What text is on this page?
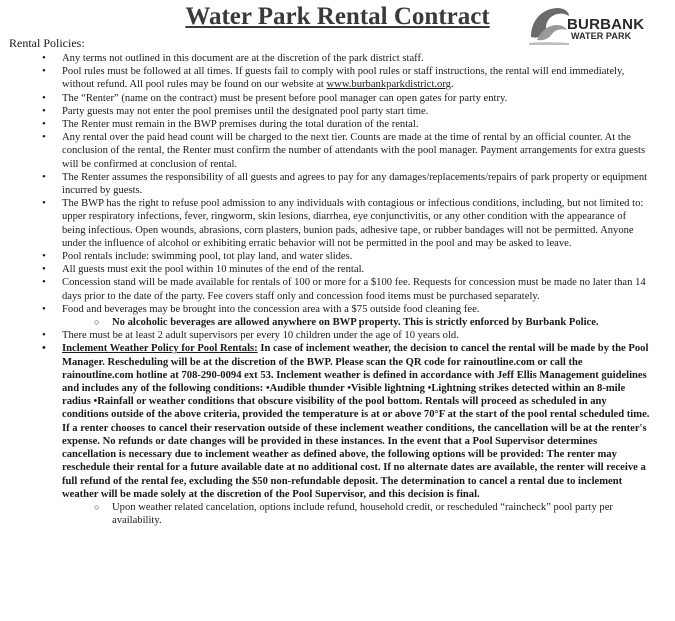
Water Park Rental Contract	BURBANK
WATER PARK

Rental Policies:

• Any terms not outlined in this document are at the discretion of the park district staff.
• Pool rules must be followed at all times. If guests fail to comply with pool rules or staff instructions, the rental will end immediately, without refund. All pool rules may be found on our website at www.burbankparkdistrict.org.
• The “Renter” (name on the contract) must be present before pool manager can open gates for party entry.
• Party guests may not enter the pool premises until the designated pool party start time.
• The Renter must remain in the BWP premises during the total duration of the rental.
• Any rental over the paid head count will be charged to the next tier. Counts are made at the time of rental by an official counter. At the conclusion of the rental, the Renter must confirm the number of attendants with the pool manager. Payment arrangements for extra guests will be confirmed at conclusion of rental.
• The Renter assumes the responsibility of all guests and agrees to pay for any damages/replacements/repairs of park property or equipment incurred by guests.
• The BWP has the right to refuse pool admission to any individuals with contagious or infectious conditions, including, but not limited to: upper respiratory infections, fever, ringworm, skin lesions, diarrhea, eye conjunctivitis, or any other condition with the appearance of being infectious. Open wounds, abrasions, corn plasters, bunion pads, adhesive tape, or rubber bandages will not be permitted. Anyone under the influence of alcohol or exhibiting erratic behavior will not be permitted in the pool and may be asked to leave.
• Pool rentals include: swimming pool, tot play land, and water slides.
• All guests must exit the pool within 10 minutes of the end of the rental.
• Concession stand will be made available for rentals of 100 or more for a $100 fee. Requests for concession must be made no later than 14 days prior to the date of the party. Fee covers staff only and concession food items must be purchased separately.
• Food and beverages may be brought into the concession area with a $75 outside food cleaning fee.
○ No alcoholic beverages are allowed anywhere on BWP property. This is strictly enforced by Burbank Police.
• There must be at least 2 adult supervisors per every 10 children under the age of 10 years old.
• Inclement Weather Policy for Pool Rentals: In case of inclement weather, the decision to cancel the rental will be made by the Pool Manager. Rescheduling will be at the discretion of the BWP. Please scan the QR code for rainoutline.com or call the rainoutline.com hotline at 708-290-0094 ext 53. Inclement weather is defined in accordance with Jeff Ellis Management guidelines and includes any of the following conditions: •Audible thunder •Visible lightning •Lightning strikes detected within an 8-mile radius •Rainfall or weather conditions that obscure visibility of the pool bottom. Rentals will proceed as scheduled in any conditions outside of the above criteria, provided the temperature is at or above 70°F at the start of the pool rental scheduled time. If a renter chooses to cancel their reservation outside of these inclement weather conditions, the cancellation will be at the renter's expense. No refunds or date changes will be provided in these instances. In the event that a Pool Supervisor determines cancellation is necessary due to inclement weather as defined above, the following options will be provided: The renter may reschedule their rental for a future available date at no additional cost. If no alternate dates are available, the renter will receive a full refund of the rental fee, excluding the $50 non-refundable deposit. The determination to cancel a rental due to inclement weather will be made solely at the discretion of the Pool Supervisor, and this decision is final.
○ Upon weather related cancelation, options include refund, household credit, or rescheduled “raincheck” pool party per availability.
